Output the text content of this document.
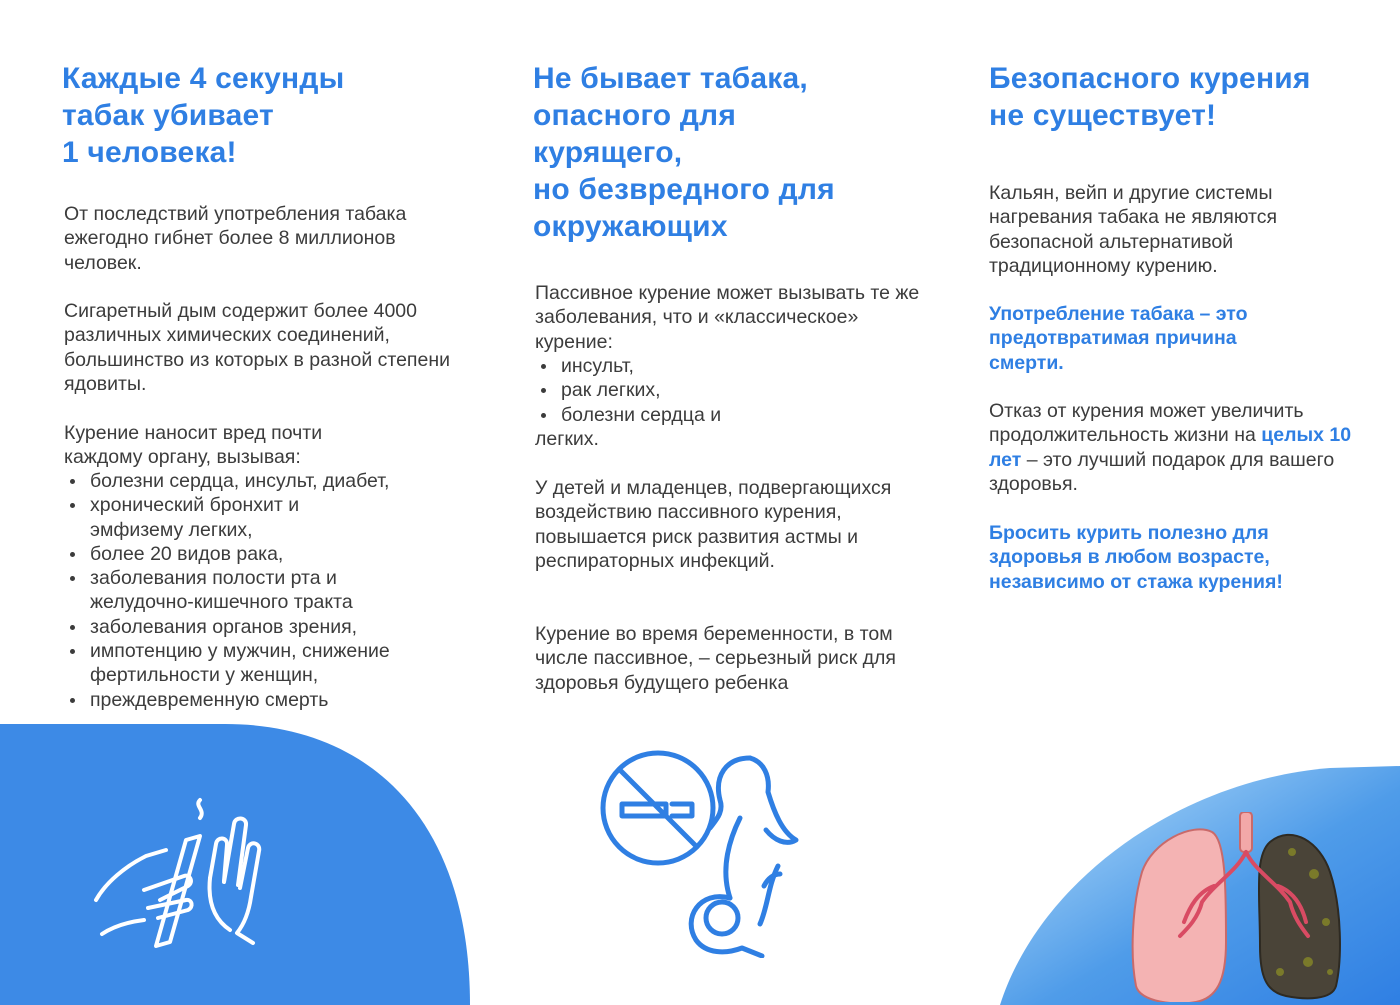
Каждые 4 секунды
табак убивает
1 человека!

От последствий употребления табака ежегодно гибнет более 8 миллионов человек.

Сигаретный дым содержит более 4000 различных химических соединений, большинство из которых в разной степени ядовиты.

Курение наносит вред почти каждому органу, вызывая:

болезни сердца, инсульт, диабет,
хронический бронхит и эмфизему легких,
более 20 видов рака,
заболевания полости рта и желудочно-кишечного тракта
заболевания органов зрения,
импотенцию у мужчин, снижение фертильности у женщин,
преждевременную смерть
Не бывает табака,
опасного для
курящего,
но безвредного для
окружающих

Пассивное курение может вызывать те же заболевания, что и «классическое» курение:

инсульт,
рак легких,
болезни сердца и

легких.

У детей и младенцев, подвергающихся воздействию пассивного курения, повышается риск развития астмы и респираторных инфекций.

Курение во время беременности, в том числе пассивное, – серьезный риск для здоровья будущего ребенка

Безопасного курения
не существует!

Кальян, вейп и другие системы нагревания табака не являются безопасной альтернативой традиционному курению.

Употребление табака – это предотвратимая причина смерти.

Отказ от курения может увеличить продолжительность жизни на целых 10 лет – это лучший подарок для вашего здоровья.

Бросить курить полезно для здоровья в любом возрасте, независимо от стажа курения!
